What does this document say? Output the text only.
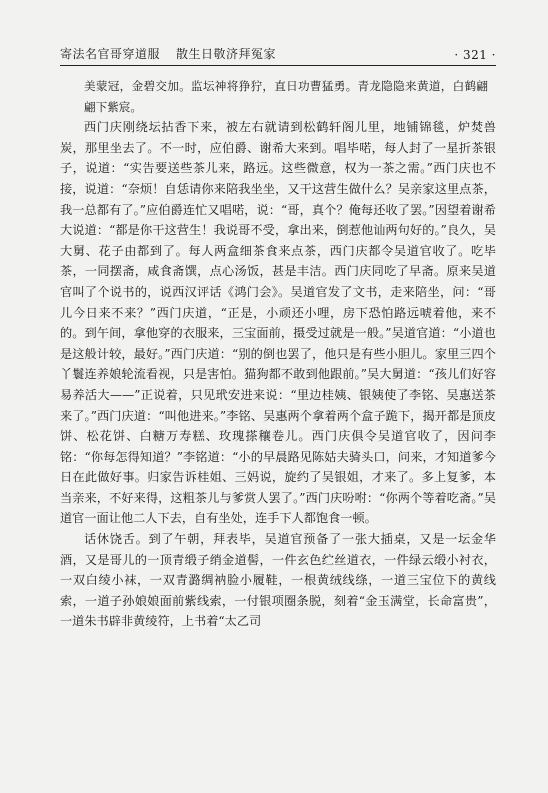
寄法名官哥穿道服 散生日敬济拜冤家	· 321 ·

美蒙冠，金碧交加。监坛神将狰狞，直日功曹猛勇。青龙隐隐来黄道，白鹤翩翩下紫宸。

西门庆刚绕坛拈香下来，被左右就请到松鹤轩阁儿里，地铺锦毯，炉焚兽炭，那里坐去了。不一时，应伯爵、谢希大来到。唱毕喏，每人封了一星折茶银子，说道：“实告要送些茶儿来，路远。这些微意，权为一茶之需。”西门庆也不接，说道：“奈烦！自恁请你来陪我坐坐，又干这营生做什么？吴亲家这里点茶，我一总都有了。”应伯爵连忙又唱喏，说：“哥，真个？俺每还收了罢。”因望着谢希大说道：“都是你干这营生！我说哥不受，拿出来，倒惹他讪两句好的。”良久，吴大舅、花子由都到了。每人两盒细茶食来点茶，西门庆都令吴道官收了。吃毕茶，一同摆斋，咸食斋馔，点心汤饭，甚是丰洁。西门庆同吃了早斋。原来吴道官叫了个说书的，说西汉评话《鸿门会》。吴道官发了文书，走来陪坐，问：“哥儿今日来不来？”西门庆道，“正是，小顽还小哩，房下恐怕路远唬着他，来不的。到午间，拿他穿的衣服来，三宝面前，摄受过就是一般。”吴道官道：“小道也是这般计较，最好。”西门庆道：“别的倒也罢了，他只是有些小胆儿。家里三四个丫鬟连养娘轮流看视，只是害怕。猫狗都不敢到他跟前。”吴大舅道：“孩儿们好容易养活大——”正说着，只见玳安进来说：“里边桂姨、银姨使了李铭、吴惠送茶来了。”西门庆道：“叫他进来。”李铭、吴惠两个拿着两个盒子跪下，揭开都是顶皮饼、松花饼、白糖万寿糕、玫瑰搽穰卷儿。西门庆俱令吴道官收了，因问李铭：“你每怎得知道？”李铭道：“小的早晨路见陈姑夫骑头口，问来，才知道爹今日在此做好事。归家告诉桂姐、三妈说，旋约了吴银姐，才来了。多上复爹，本当亲来，不好来得，这粗茶儿与爹赏人罢了。”西门庆吩咐：“你两个等着吃斋。”吴道官一面让他二人下去，自有坐处，连手下人都饱食一顿。

话休饶舌。到了午朝，拜表毕，吴道官预备了一张大插桌，又是一坛金华酒，又是哥儿的一顶青缎子绡金道髻，一件玄色纻丝道衣，一件绿云缎小衬衣，一双白绫小袜，一双青潞绸衲脸小履鞋，一根黄绒线绦，一道三宝位下的黄线索，一道子孙娘娘面前紫线索，一付银项圈条脱，刻着“金玉满堂，长命富贵”，一道朱书辟非黄绫符，上书着“太乙司
